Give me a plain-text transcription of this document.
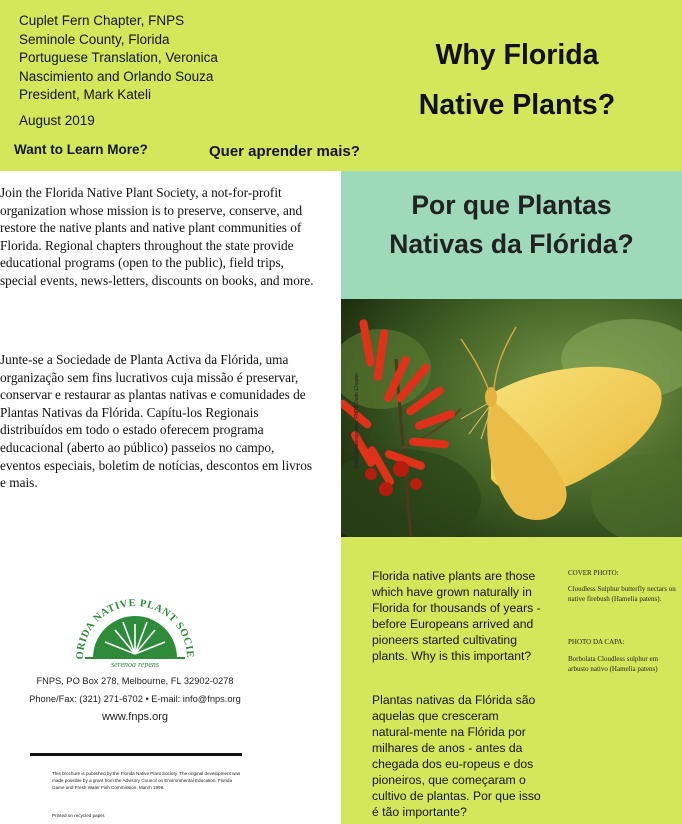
Cuplet Fern Chapter, FNPS
Seminole County, Florida
Portuguese Translation, Veronica
Nascimiento and Orlando Souza
President, Mark Kateli
August 2019
Want to Learn More?	Quer aprender mais?
Why Florida
Native Plants?
Por que Plantas
Nativas da Flórida?
Stella Demetropoulos, FNPS Dade Chapter
Florida native plants are those which have grown naturally in Florida for thousands of years - before Europeans arrived and pioneers started cultivating plants. Why is this important?
Plantas nativas da Flórida são aquelas que cresceram natural-mente na Flórida por milhares de anos - antes da chegada dos eu-ropeus e dos pioneiros, que começaram o cultivo de plantas. Por que isso é tão importante?
COVER PHOTO:
Cloudless Sulphur butterfly nectars on native firebush (Hamelia patens).
PHOTO DA CAPA:
Borbolata Cloudless sulphur em arbusto nativo (Hamelia patens)
Join the Florida Native Plant Society, a not-for-profit organization whose mission is to preserve, conserve, and restore the native plants and native plant communities of Florida. Regional chapters throughout the state provide educational programs (open to the public), field trips, special events, news-letters, discounts on books, and more.
Junte-se a Sociedade de Planta Activa da Flórida, uma organização sem fins lucrativos cuja missão é preservar, conservar e restaurar as plantas nativas e comunidades de Plantas Nativas da Flórida. Capítu-los Regionais distribuídos em todo o estado oferecem programa educacional (aberto ao público) passeios no campo, eventos especiais, boletim de notícias, descontos em livros e mais.
ORIDA NATIVE PLANT SOCIE
serenoa repens
FNPS, PO Box 278, Melbourne, FL 32902-0278
Phone/Fax: (321) 271-6702 • E-mail: info@fnps.org
www.fnps.org
This brochure is published by the Florida Native Plant Society. The original development was made possible by a grant from the Advisory Council on Environmental Education, Florida Game and Fresh Water Fish Commission, March 1999.
Printed on recycled paper.
